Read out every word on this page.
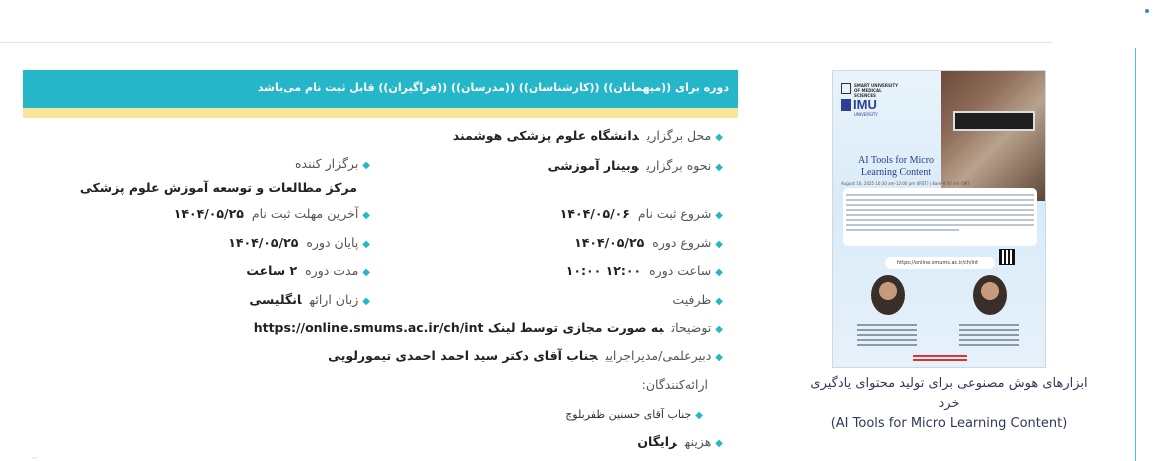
دوره برای ((میهمانان)) ((کارشناسان)) ((مدرسان)) ((فراگیران)) قابل ثبت نام می‌باشد
◆محل برگزاریدانشگاه علوم پزشکی هوشمند
◆نحوه برگزاریوبینار آموزشی
◆شروع ثبت نام۱۴۰۴/۰۵/۰۶
◆شروع دوره۱۴۰۴/۰۵/۲۵
◆ساعت دوره۱۲:۰۰ ۱۰:۰۰
◆ظرفیت
◆برگزار کننده
مرکز مطالعات و توسعه آموزش علوم پزشکی
◆آخرین مهلت ثبت نام۱۴۰۴/۰۵/۲۵
◆پایان دوره۱۴۰۴/۰۵/۲۵
◆مدت دوره۲ ساعت
◆زبان ارائهانگلیسی
◆توضیحاتبه صورت مجازی توسط لینک https://online.smums.ac.ir/ch/int
◆دبیرعلمی/مدیراجراییجناب آقای دکتر سید احمد احمدی تیمورلویی
ارائه‌کنندگان:
◆جناب آقای حسنین ظفربلوچ
◆هزینهرایگان
SMART UNIVERSITY OF MEDICAL SCIENCES
IMU
UNIVERSITY
AI Tools for Micro Learning Content
August 16, 2025 10:30 am-12:00 pm (IRST) | 8am-9:30 am GMT
https://online.smums.ac.ir/ch/int
ابزارهای هوش مصنوعی برای تولید محتوای یادگیری خرد
(AI Tools for Micro Learning Content)
··
